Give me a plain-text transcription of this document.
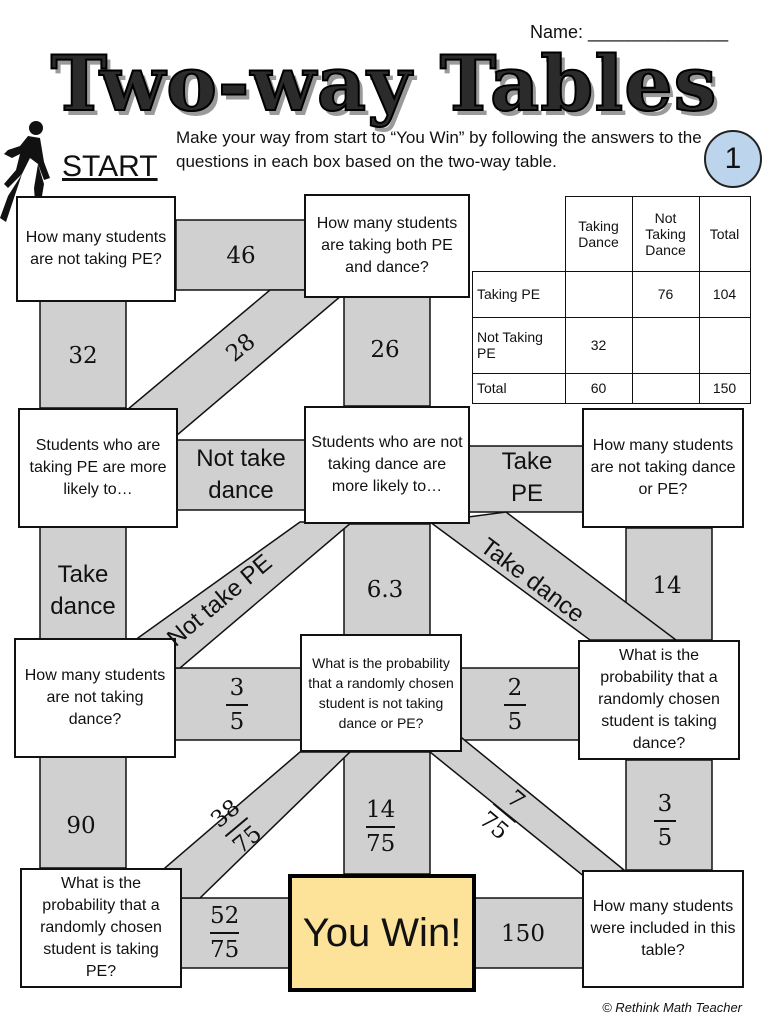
Name: ______________
Two-way Tables
Make your way from start to “You Win” by following the answers to the questions in each box based on the two-way table.
START	1
	Taking Dance	Not Taking Dance	Total
Taking PE		76	104
Not Taking PE	32		
Total	60		150
How many students are not taking PE?
How many students are taking both PE and dance?
Students who are taking PE are more likely to…
Students who are not taking dance are more likely to…
How many students are not taking dance or PE?
How many students are not taking dance?
What is the probability that a randomly chosen student is not taking dance or PE?
What is the probability that a randomly chosen student is taking dance?
What is the probability that a randomly chosen student is taking PE?
How many students were included in this table?
You Win!
46
32	28	26
Not take dance
Take PE
Take dance	Not take PE	6.3	Take dance	14
90
150
3
5
2
5
38
75
14
75
7
75
3
5
52
75
© Rethink Math Teacher
